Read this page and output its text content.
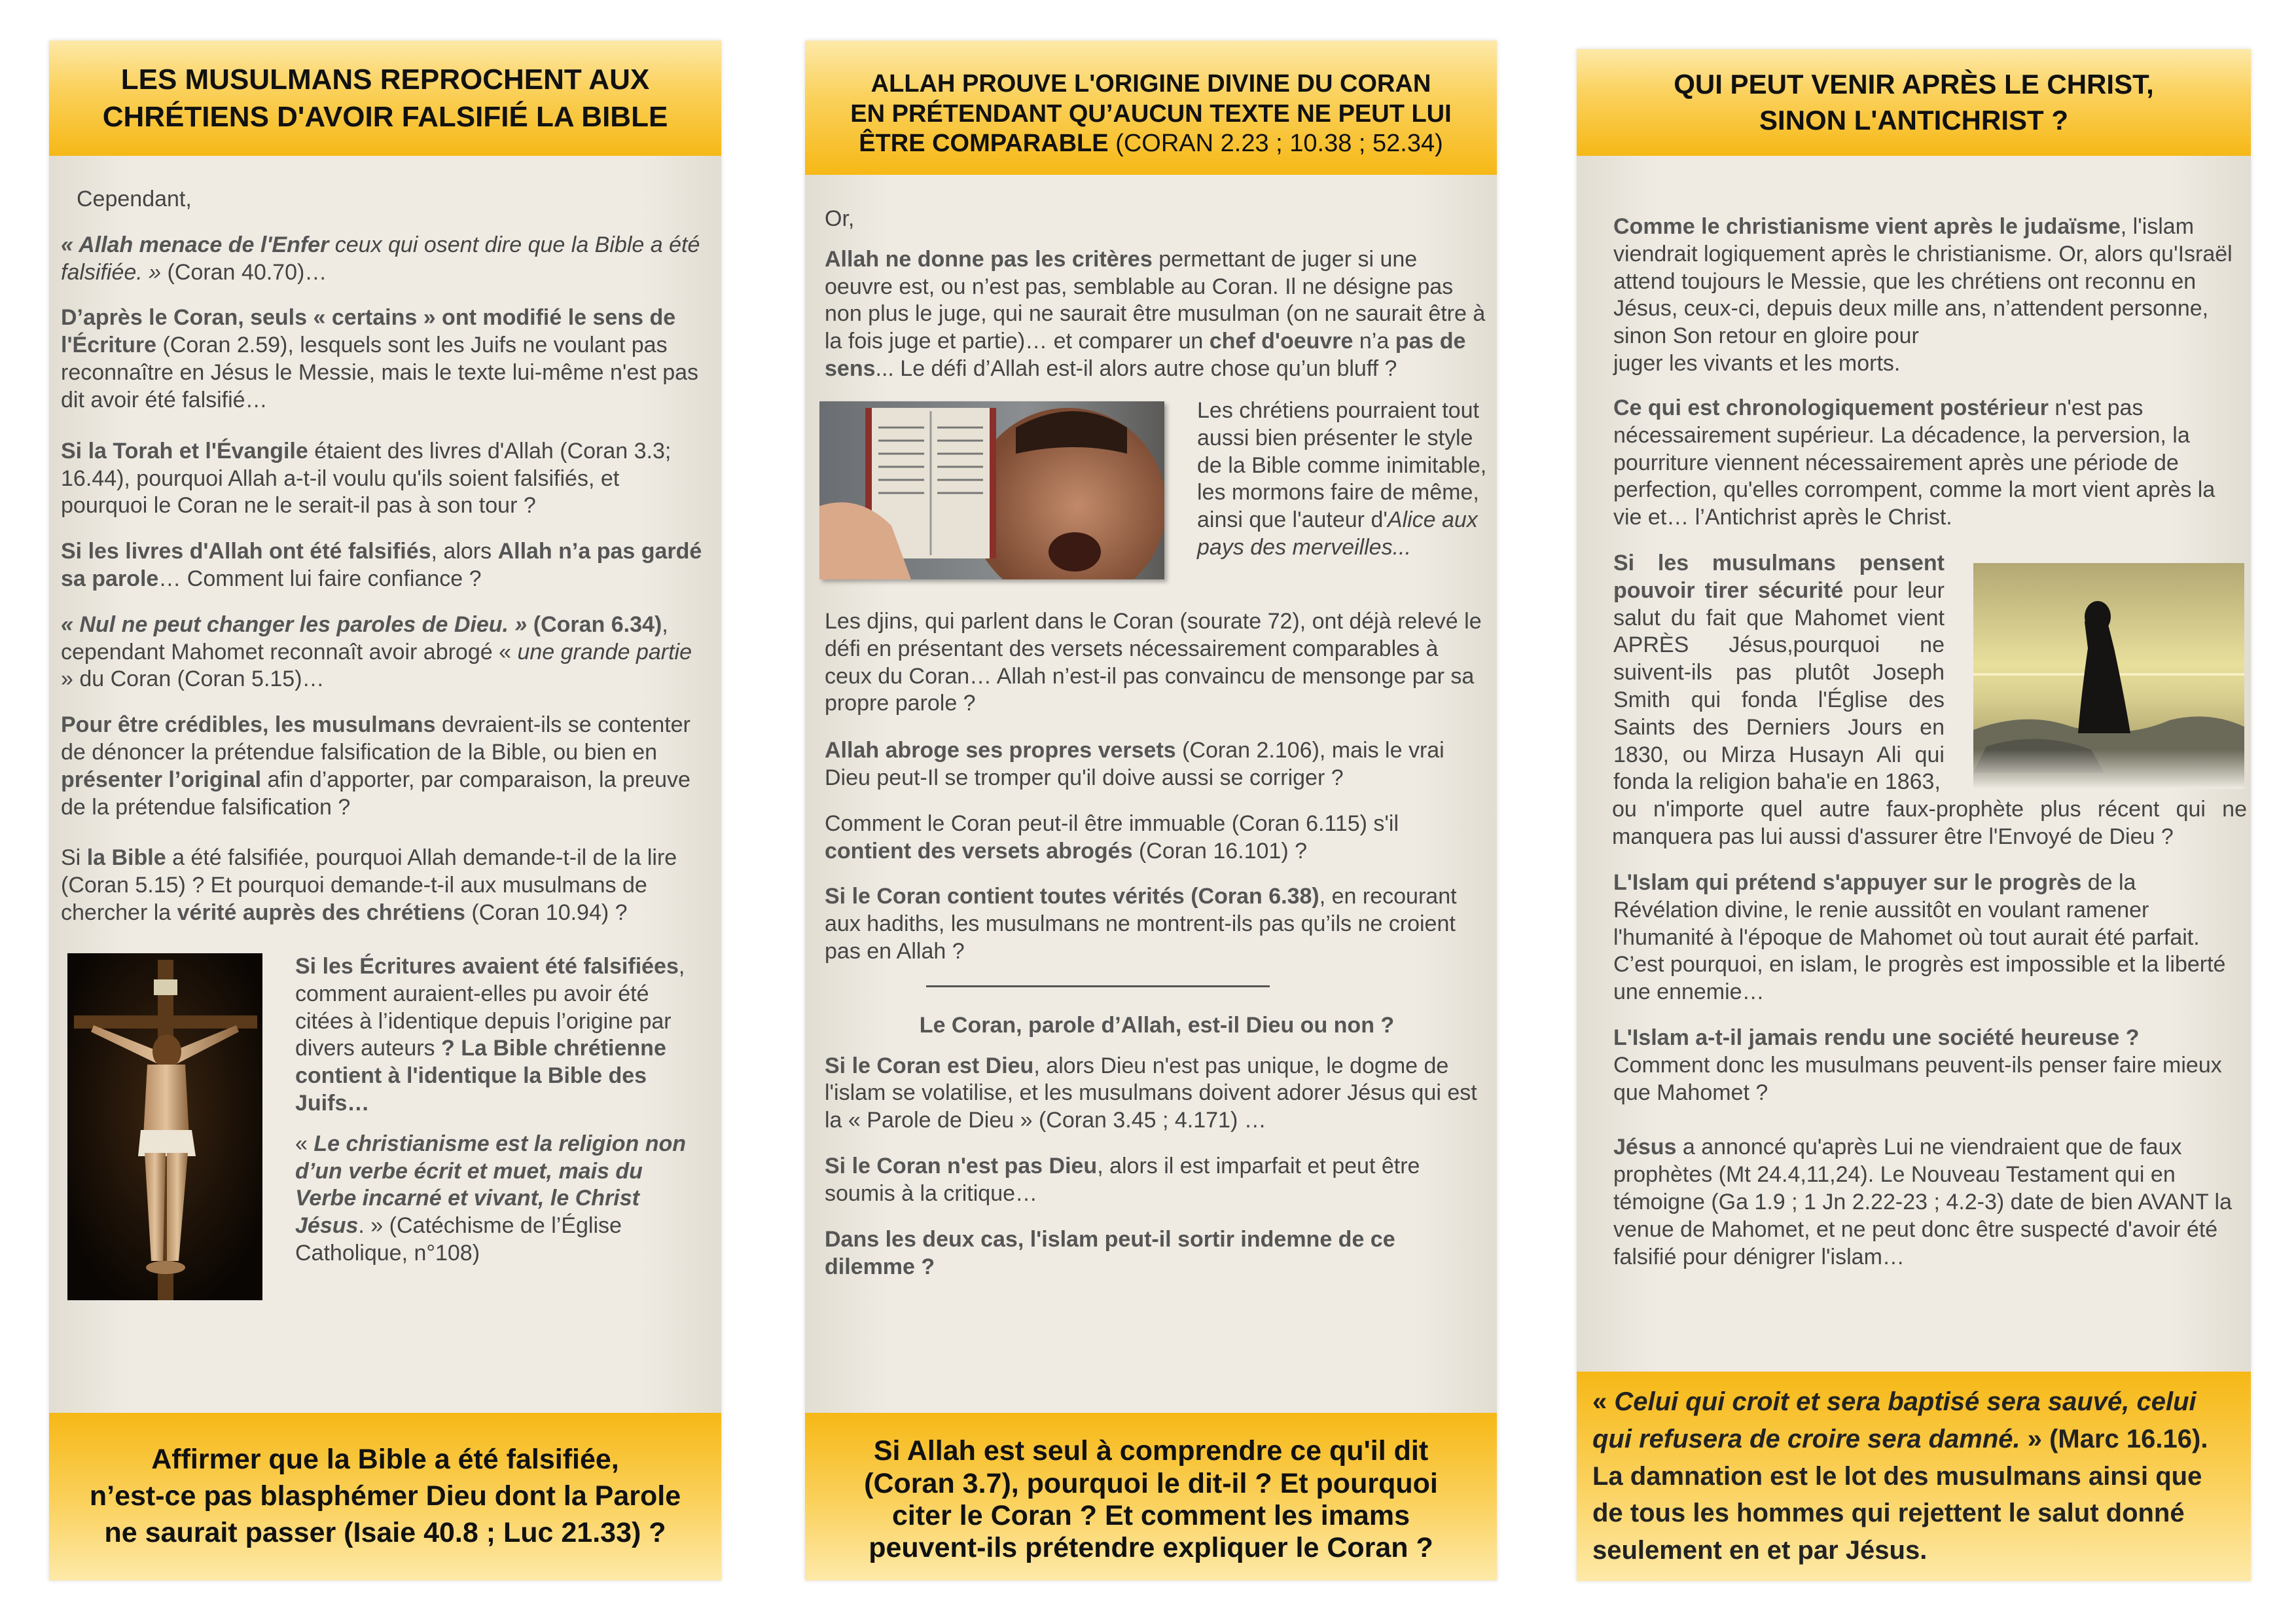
LES MUSULMANS REPROCHENT AUX
CHRÉTIENS D'AVOIR FALSIFIÉ LA BIBLE

Cependant,

« Allah menace de l'Enfer ceux qui osent dire que la Bible a été falsifiée. » (Coran 40.70)…

D’après le Coran, seuls « certains » ont modifié le sens de l'Écriture (Coran 2.59), lesquels sont les Juifs ne voulant pas reconnaître en Jésus le Messie, mais le texte lui-même n'est pas dit avoir été falsifié…

Si la Torah et l'Évangile étaient des livres d'Allah (Coran 3.3; 16.44), pourquoi Allah a-t-il voulu qu'ils soient falsifiés, et pourquoi le Coran ne le serait-il pas à son tour ?

Si les livres d'Allah ont été falsifiés, alors Allah n’a pas gardé sa parole… Comment lui faire confiance ?

« Nul ne peut changer les paroles de Dieu. » (Coran 6.34), cependant Mahomet reconnaît avoir abrogé « une grande partie » du Coran (Coran 5.15)…

Pour être crédibles, les musulmans devraient-ils se contenter de dénoncer la prétendue falsification de la Bible, ou bien en présenter l’original afin d’apporter, par comparaison, la preuve de la prétendue falsification ?

Si la Bible a été falsifiée, pourquoi Allah demande-t-il de la lire (Coran 5.15) ? Et pourquoi demande-t-il aux musulmans de chercher la vérité auprès des chrétiens (Coran 10.94) ?

Si les Écritures avaient été falsifiées, comment auraient-elles pu avoir été citées à l’identique depuis l’origine par divers auteurs ? La Bible chrétienne contient à l'identique la Bible des Juifs…

« Le christianisme est la religion non d’un verbe écrit et muet, mais du Verbe incarné et vivant, le Christ Jésus. » (Catéchisme de l’Église Catholique, n°108)

Affirmer que la Bible a été falsifiée,
n’est-ce pas blasphémer Dieu dont la Parole
ne saurait passer (Isaie 40.8 ; Luc 21.33) ?
ALLAH PROUVE L'ORIGINE DIVINE DU CORAN
EN PRÉTENDANT QU’AUCUN TEXTE NE PEUT LUI
ÊTRE COMPARABLE (CORAN 2.23 ; 10.38 ; 52.34)

Or,

Allah ne donne pas les critères permettant de juger si une oeuvre est, ou n’est pas, semblable au Coran. Il ne désigne pas non plus le juge, qui ne saurait être musulman (on ne saurait être à la fois juge et partie)… et comparer un chef d'oeuvre n’a pas de sens... Le défi d’Allah est-il alors autre chose qu’un bluff ?

Les chrétiens pourraient tout aussi bien présenter le style de la Bible comme inimitable, les mormons faire de même, ainsi que l'auteur d'Alice aux pays des merveilles...

Les djins, qui parlent dans le Coran (sourate 72), ont déjà relevé le défi en présentant des versets nécessairement comparables à ceux du Coran… Allah n’est-il pas convaincu de mensonge par sa propre parole ?

Allah abroge ses propres versets (Coran 2.106), mais le vrai Dieu peut-Il se tromper qu'il doive aussi se corriger ?

Comment le Coran peut-il être immuable (Coran 6.115) s'il contient des versets abrogés (Coran 16.101) ?

Si le Coran contient toutes vérités (Coran 6.38), en recourant aux hadiths, les musulmans ne montrent-ils pas qu’ils ne croient pas en Allah ?

Le Coran, parole d’Allah, est-il Dieu ou non ?

Si le Coran est Dieu, alors Dieu n'est pas unique, le dogme de l'islam se volatilise, et les musulmans doivent adorer Jésus qui est la « Parole de Dieu » (Coran 3.45 ; 4.171) …

Si le Coran n'est pas Dieu, alors il est imparfait et peut être soumis à la critique…

Dans les deux cas, l'islam peut-il sortir indemne de ce dilemme ?

Si Allah est seul à comprendre ce qu'il dit
(Coran 3.7), pourquoi le dit-il ? Et pourquoi
citer le Coran ? Et comment les imams
peuvent-ils prétendre expliquer le Coran ?
QUI PEUT VENIR APRÈS LE CHRIST,
SINON L'ANTICHRIST ?

Comme le christianisme vient après le judaïsme, l'islam viendrait logiquement après le christianisme. Or, alors qu'Israël attend toujours le Messie, que les chrétiens ont reconnu en Jésus, ceux-ci, depuis deux mille ans, n’attendent personne, sinon Son retour en gloire pour
juger les vivants et les morts.

Ce qui est chronologiquement postérieur n'est pas nécessairement supérieur. La décadence, la perversion, la pourriture viennent nécessairement après une période de perfection, qu'elles corrompent, comme la mort vient après la vie et… l’Antichrist après le Christ.

Si les musulmans pensent pouvoir tirer sécurité pour leur salut du fait que Mahomet vient APRÈS Jésus,pourquoi ne suivent-ils pas plutôt Joseph Smith qui fonda l'Église des Saints des Derniers Jours en 1830, ou Mirza Husayn Ali qui fonda la religion baha'ie en 1863,

ou n'importe quel autre faux-prophète plus récent qui ne manquera pas lui aussi d'assurer être l'Envoyé de Dieu ?

L'Islam qui prétend s'appuyer sur le progrès de la Révélation divine, le renie aussitôt en voulant ramener l'humanité à l'époque de Mahomet où tout aurait été parfait. C’est pourquoi, en islam, le progrès est impossible et la liberté une ennemie…

L'Islam a-t-il jamais rendu une société heureuse ?
Comment donc les musulmans peuvent-ils penser faire mieux que Mahomet ?

Jésus a annoncé qu'après Lui ne viendraient que de faux prophètes (Mt 24.4,11,24). Le Nouveau Testament qui en témoigne (Ga 1.9 ; 1 Jn 2.22-23 ; 4.2-3) date de bien AVANT la venue de Mahomet, et ne peut donc être suspecté d'avoir été falsifié pour dénigrer l'islam…

« Celui qui croit et sera baptisé sera sauvé, celui qui refusera de croire sera damné. » (Marc 16.16). La damnation est le lot des musulmans ainsi que de tous les hommes qui rejettent le salut donné seulement en et par Jésus.
